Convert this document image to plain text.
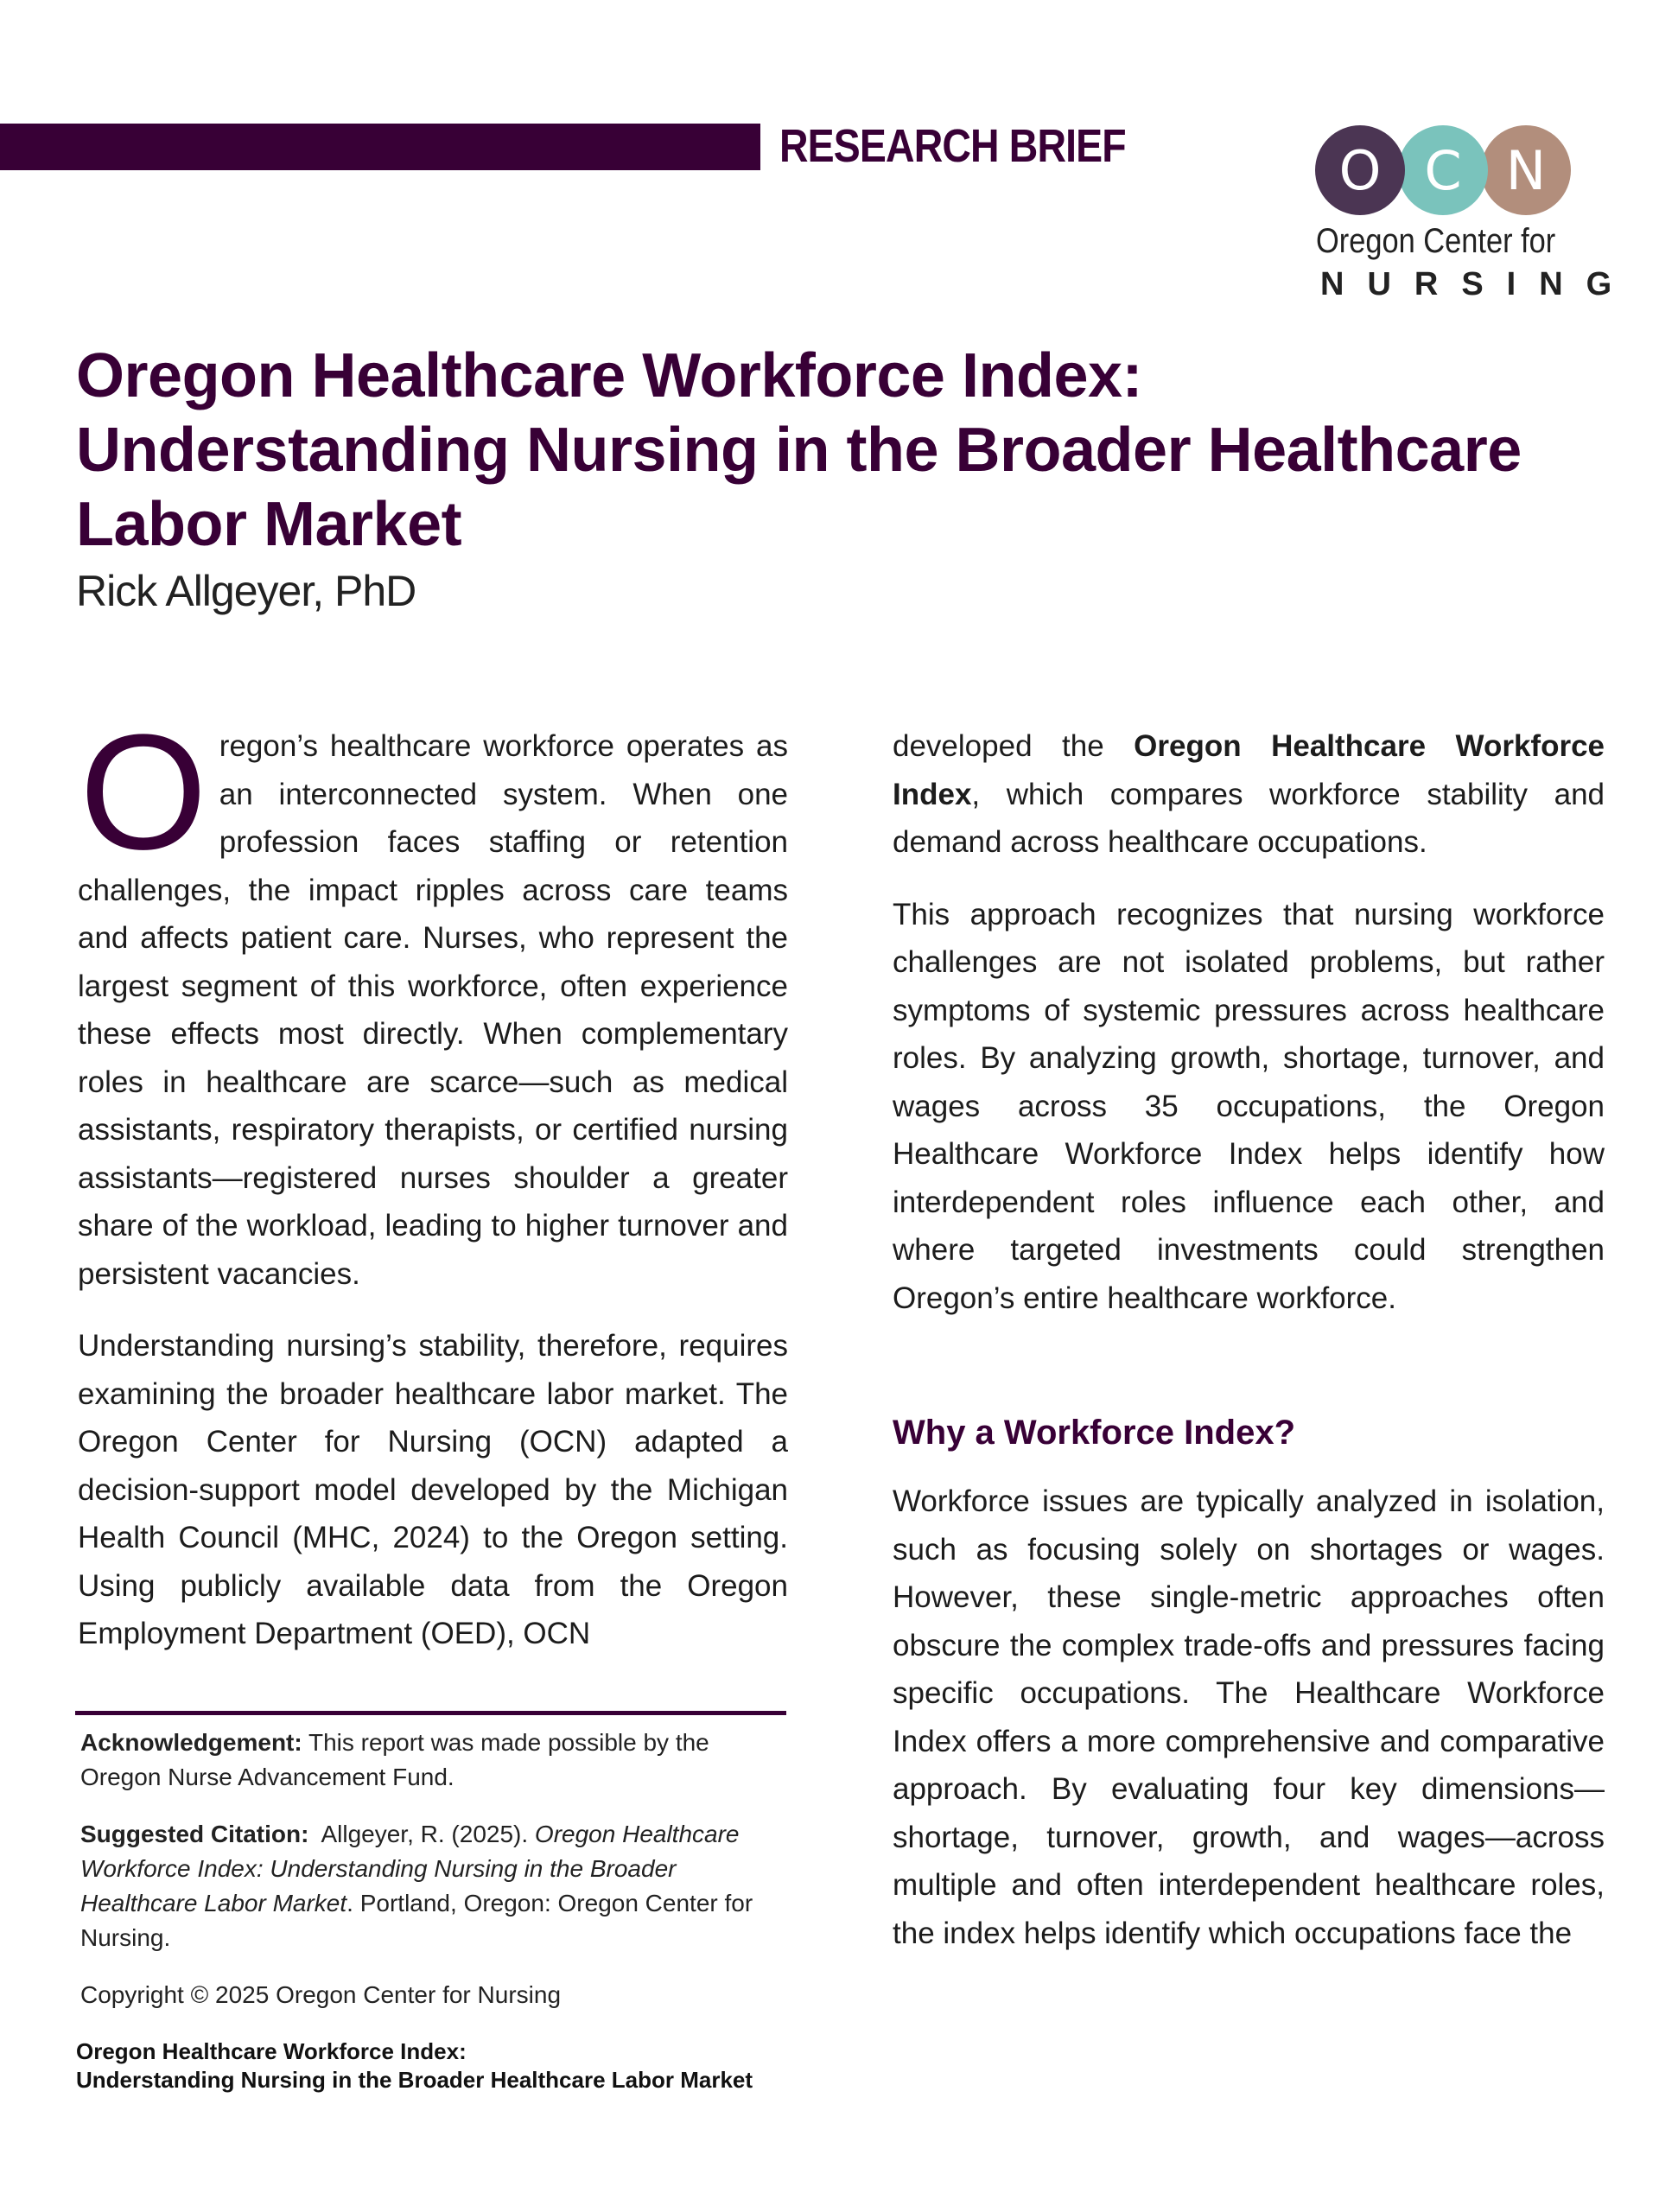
RESEARCH BRIEF	O C N
Oregon Center for
NURSING
Oregon Healthcare Workforce Index:
Understanding Nursing in the Broader Healthcare
Labor Market
Rick Allgeyer, PhD

Oregon’s healthcare workforce operates as an interconnected system. When one profession faces staffing or retention challenges, the impact ripples across care teams and affects patient care. Nurses, who represent the largest segment of this workforce, often experience these effects most directly. When complementary roles in healthcare are scarce—such as medical assistants, respiratory therapists, or certified nursing assistants—registered nurses shoulder a greater share of the workload, leading to higher turnover and persistent vacancies.

Understanding nursing’s stability, therefore, requires examining the broader healthcare labor market. The Oregon Center for Nursing (OCN) adapted a decision-support model developed by the Michigan Health Council (MHC, 2024) to the Oregon setting. Using publicly available data from the Oregon Employment Department (OED), OCN

Acknowledgement: This report was made possible by the Oregon Nurse Advancement Fund.

Suggested Citation:  Allgeyer, R. (2025). Oregon Healthcare Workforce Index: Understanding Nursing in the Broader Healthcare Labor Market. Portland, Oregon: Oregon Center for Nursing.

Copyright © 2025 Oregon Center for Nursing

Oregon Healthcare Workforce Index:
Understanding Nursing in the Broader Healthcare Labor Market

developed the Oregon Healthcare Workforce Index, which compares workforce stability and demand across healthcare occupations.

This approach recognizes that nursing workforce challenges are not isolated problems, but rather symptoms of systemic pressures across healthcare roles. By analyzing growth, shortage, turnover, and wages across 35 occupations, the Oregon Healthcare Workforce Index helps identify how interdependent roles influence each other, and where targeted investments could strengthen Oregon’s entire healthcare workforce.

Why a Workforce Index?

Workforce issues are typically analyzed in isolation, such as focusing solely on shortages or wages. However, these single-metric approaches often obscure the complex trade-offs and pressures facing specific occupations. The Healthcare Workforce Index offers a more comprehensive and comparative approach. By evaluating four key dimensions—shortage, turnover, growth, and wages—across multiple and often interdependent healthcare roles, the index helps identify which occupations face the
